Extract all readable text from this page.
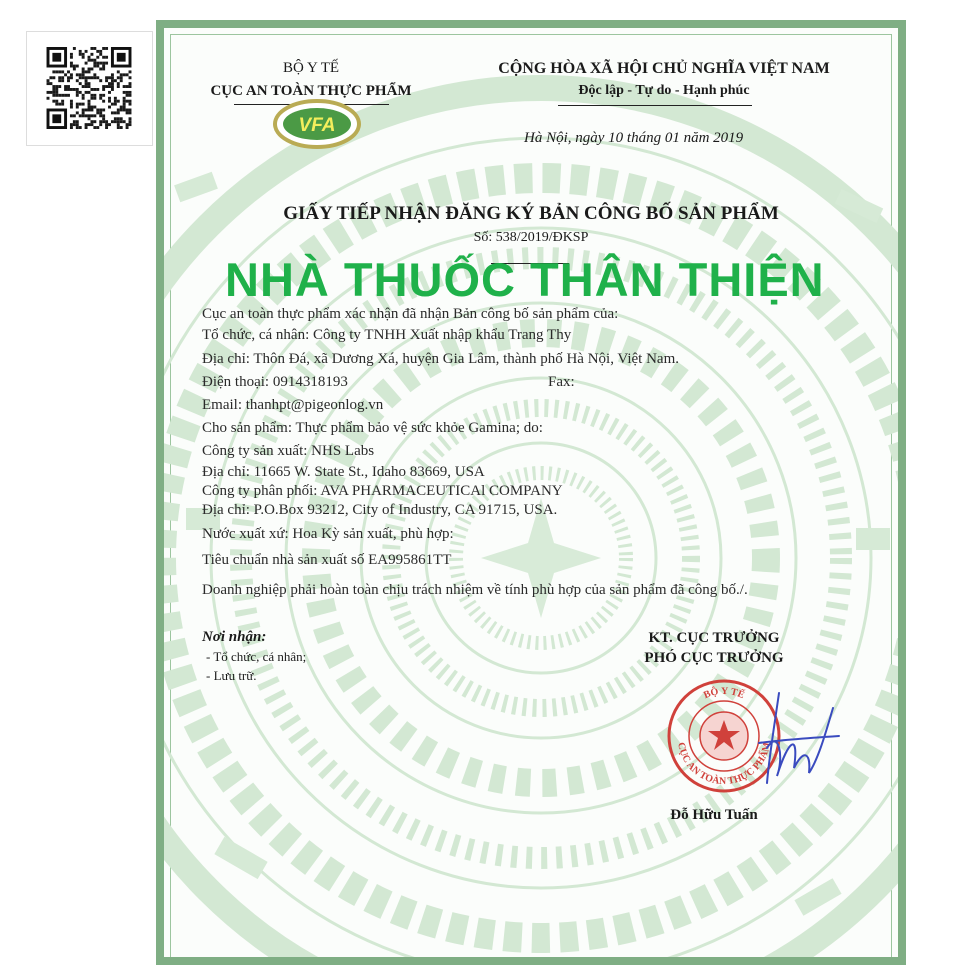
BỘ Y TẾ
CỤC AN TOÀN THỰC PHẨM
VFA
CỘNG HÒA XÃ HỘI CHỦ NGHĨA VIỆT NAM
Độc lập - Tự do - Hạnh phúc
Hà Nội, ngày 10 tháng 01 năm 2019
GIẤY TIẾP NHẬN ĐĂNG KÝ BẢN CÔNG BỐ SẢN PHẨM
Số: 538/2019/ĐKSP
Cục an toàn thực phẩm xác nhận đã nhận Bản công bố sản phẩm của:
Tổ chức, cá nhân: Công ty TNHH Xuất nhập khẩu Trang Thy
Địa chỉ: Thôn Đá, xã Dương Xá, huyện Gia Lâm, thành phố Hà Nội, Việt Nam.
Điện thoại: 0914318193	Fax:
Email: thanhpt@pigeonlog.vn
Cho sản phẩm: Thực phẩm bảo vệ sức khỏe Gamina; do:
Công ty sản xuất: NHS Labs
Địa chỉ: 11665 W. State St., Idaho 83669, USA
Công ty phân phối: AVA PHARMACEUTICAl COMPANY
Địa chỉ: P.O.Box 93212, City of Industry, CA 91715, USA.
Nước xuất xứ: Hoa Kỳ sản xuất, phù hợp:
Tiêu chuẩn nhà sản xuất số EA995861TT
Doanh nghiệp phải hoàn toàn chịu trách nhiệm về tính phù hợp của sản phẩm đã công bố./.
Nơi nhận:
- Tổ chức, cá nhân;
- Lưu trữ.
KT. CỤC TRƯỞNG
PHÓ CỤC TRƯỞNG
BỘ Y TẾ
CỤC AN TOÀN THỰC PHẨM
Đỗ Hữu Tuấn
NHÀ THUỐC THÂN THIỆN
